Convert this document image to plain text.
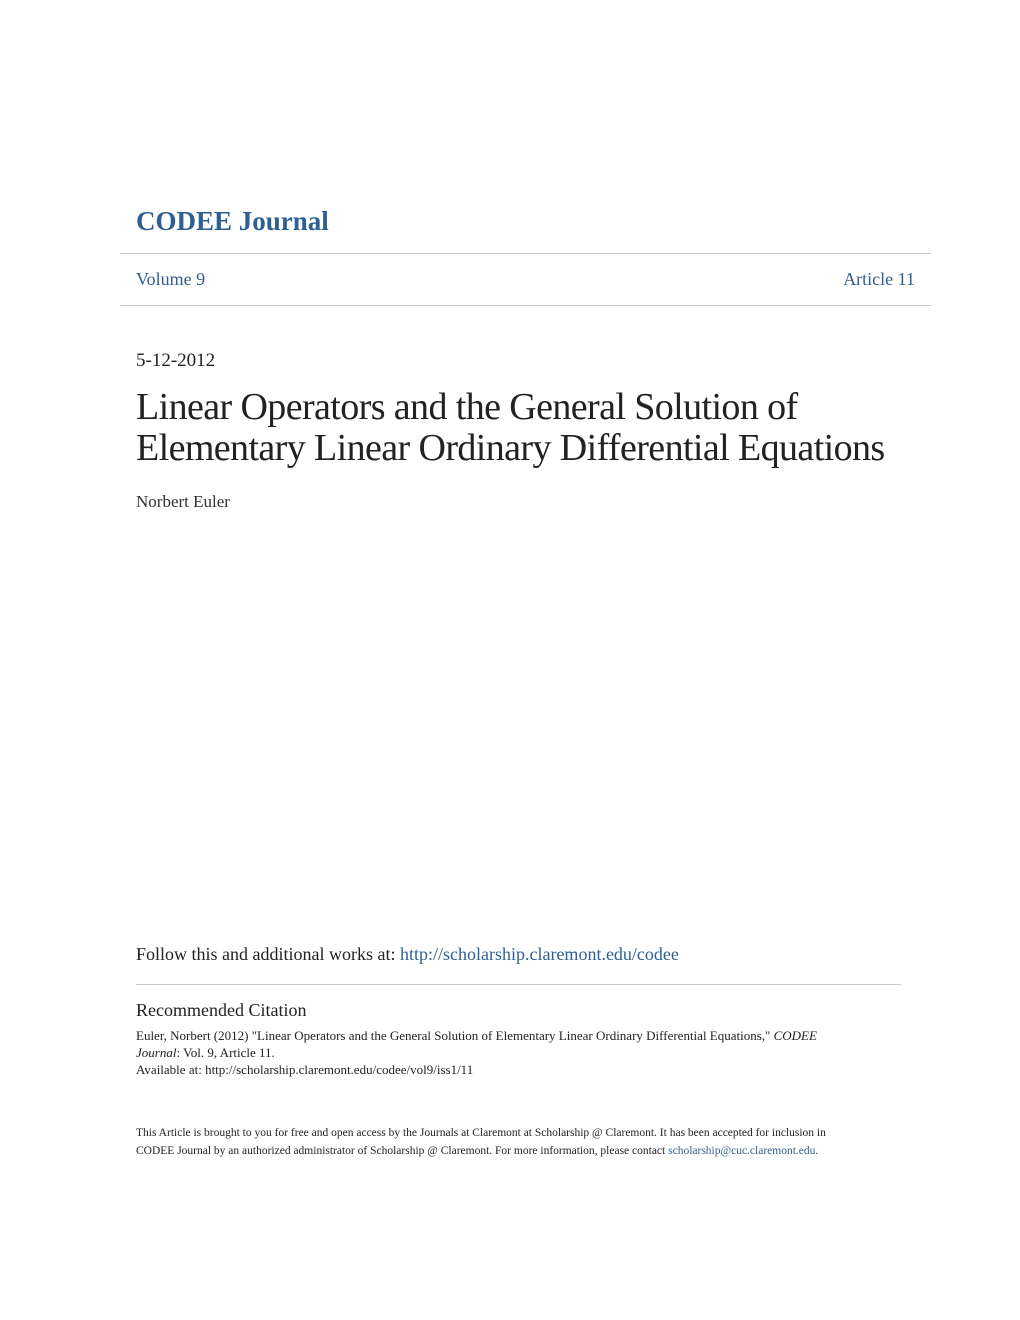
CODEE Journal
Volume 9	Article 11
5-12-2012
Linear Operators and the General Solution of
Elementary Linear Ordinary Differential Equations
Norbert Euler
Follow this and additional works at: http://scholarship.claremont.edu/codee
Recommended Citation
Euler, Norbert (2012) "Linear Operators and the General Solution of Elementary Linear Ordinary Differential Equations," CODEE
Journal: Vol. 9, Article 11.
Available at: http://scholarship.claremont.edu/codee/vol9/iss1/11
This Article is brought to you for free and open access by the Journals at Claremont at Scholarship @ Claremont. It has been accepted for inclusion in
CODEE Journal by an authorized administrator of Scholarship @ Claremont. For more information, please contact scholarship@cuc.claremont.edu.
